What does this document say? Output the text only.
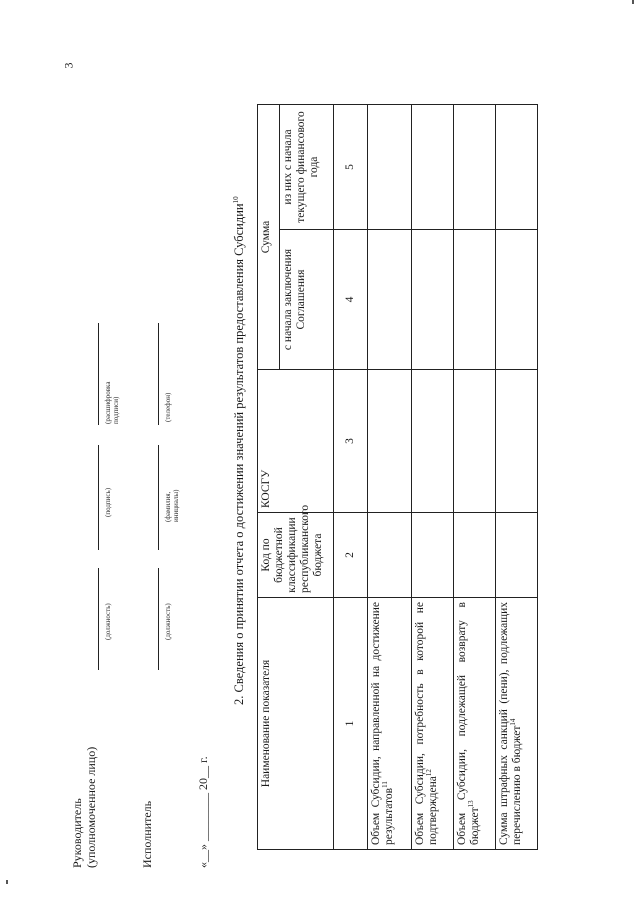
3
Руководитель (уполномоченное лицо)
(должность)
(подпись)
(расшифровка подписи)
Исполнитель
(должность)
(фамилия, инициалы)
(телефон)
«__» ________ 20__ г.
2. Сведения о принятии отчета о достижении значений результатов предоставления Субсидии$^{10}$
Наименование показателя	Код по бюджетной классификации республиканского бюджета	КОСГУ	Сумма	
			с начала заключения Соглашения	из них с начала текущего финансового года
1	2	3	4	5
Объем Субсидии, направленной на достижение результатов$^{11}$				
Объем Субсидии, потребность в которой не подтверждена$^{12}$				
Объем Субсидии, подлежащей возврату в бюджет$^{13}$				
Сумма штрафных санкций (пени), подлежащих перечислению в бюджет$^{14}$				
